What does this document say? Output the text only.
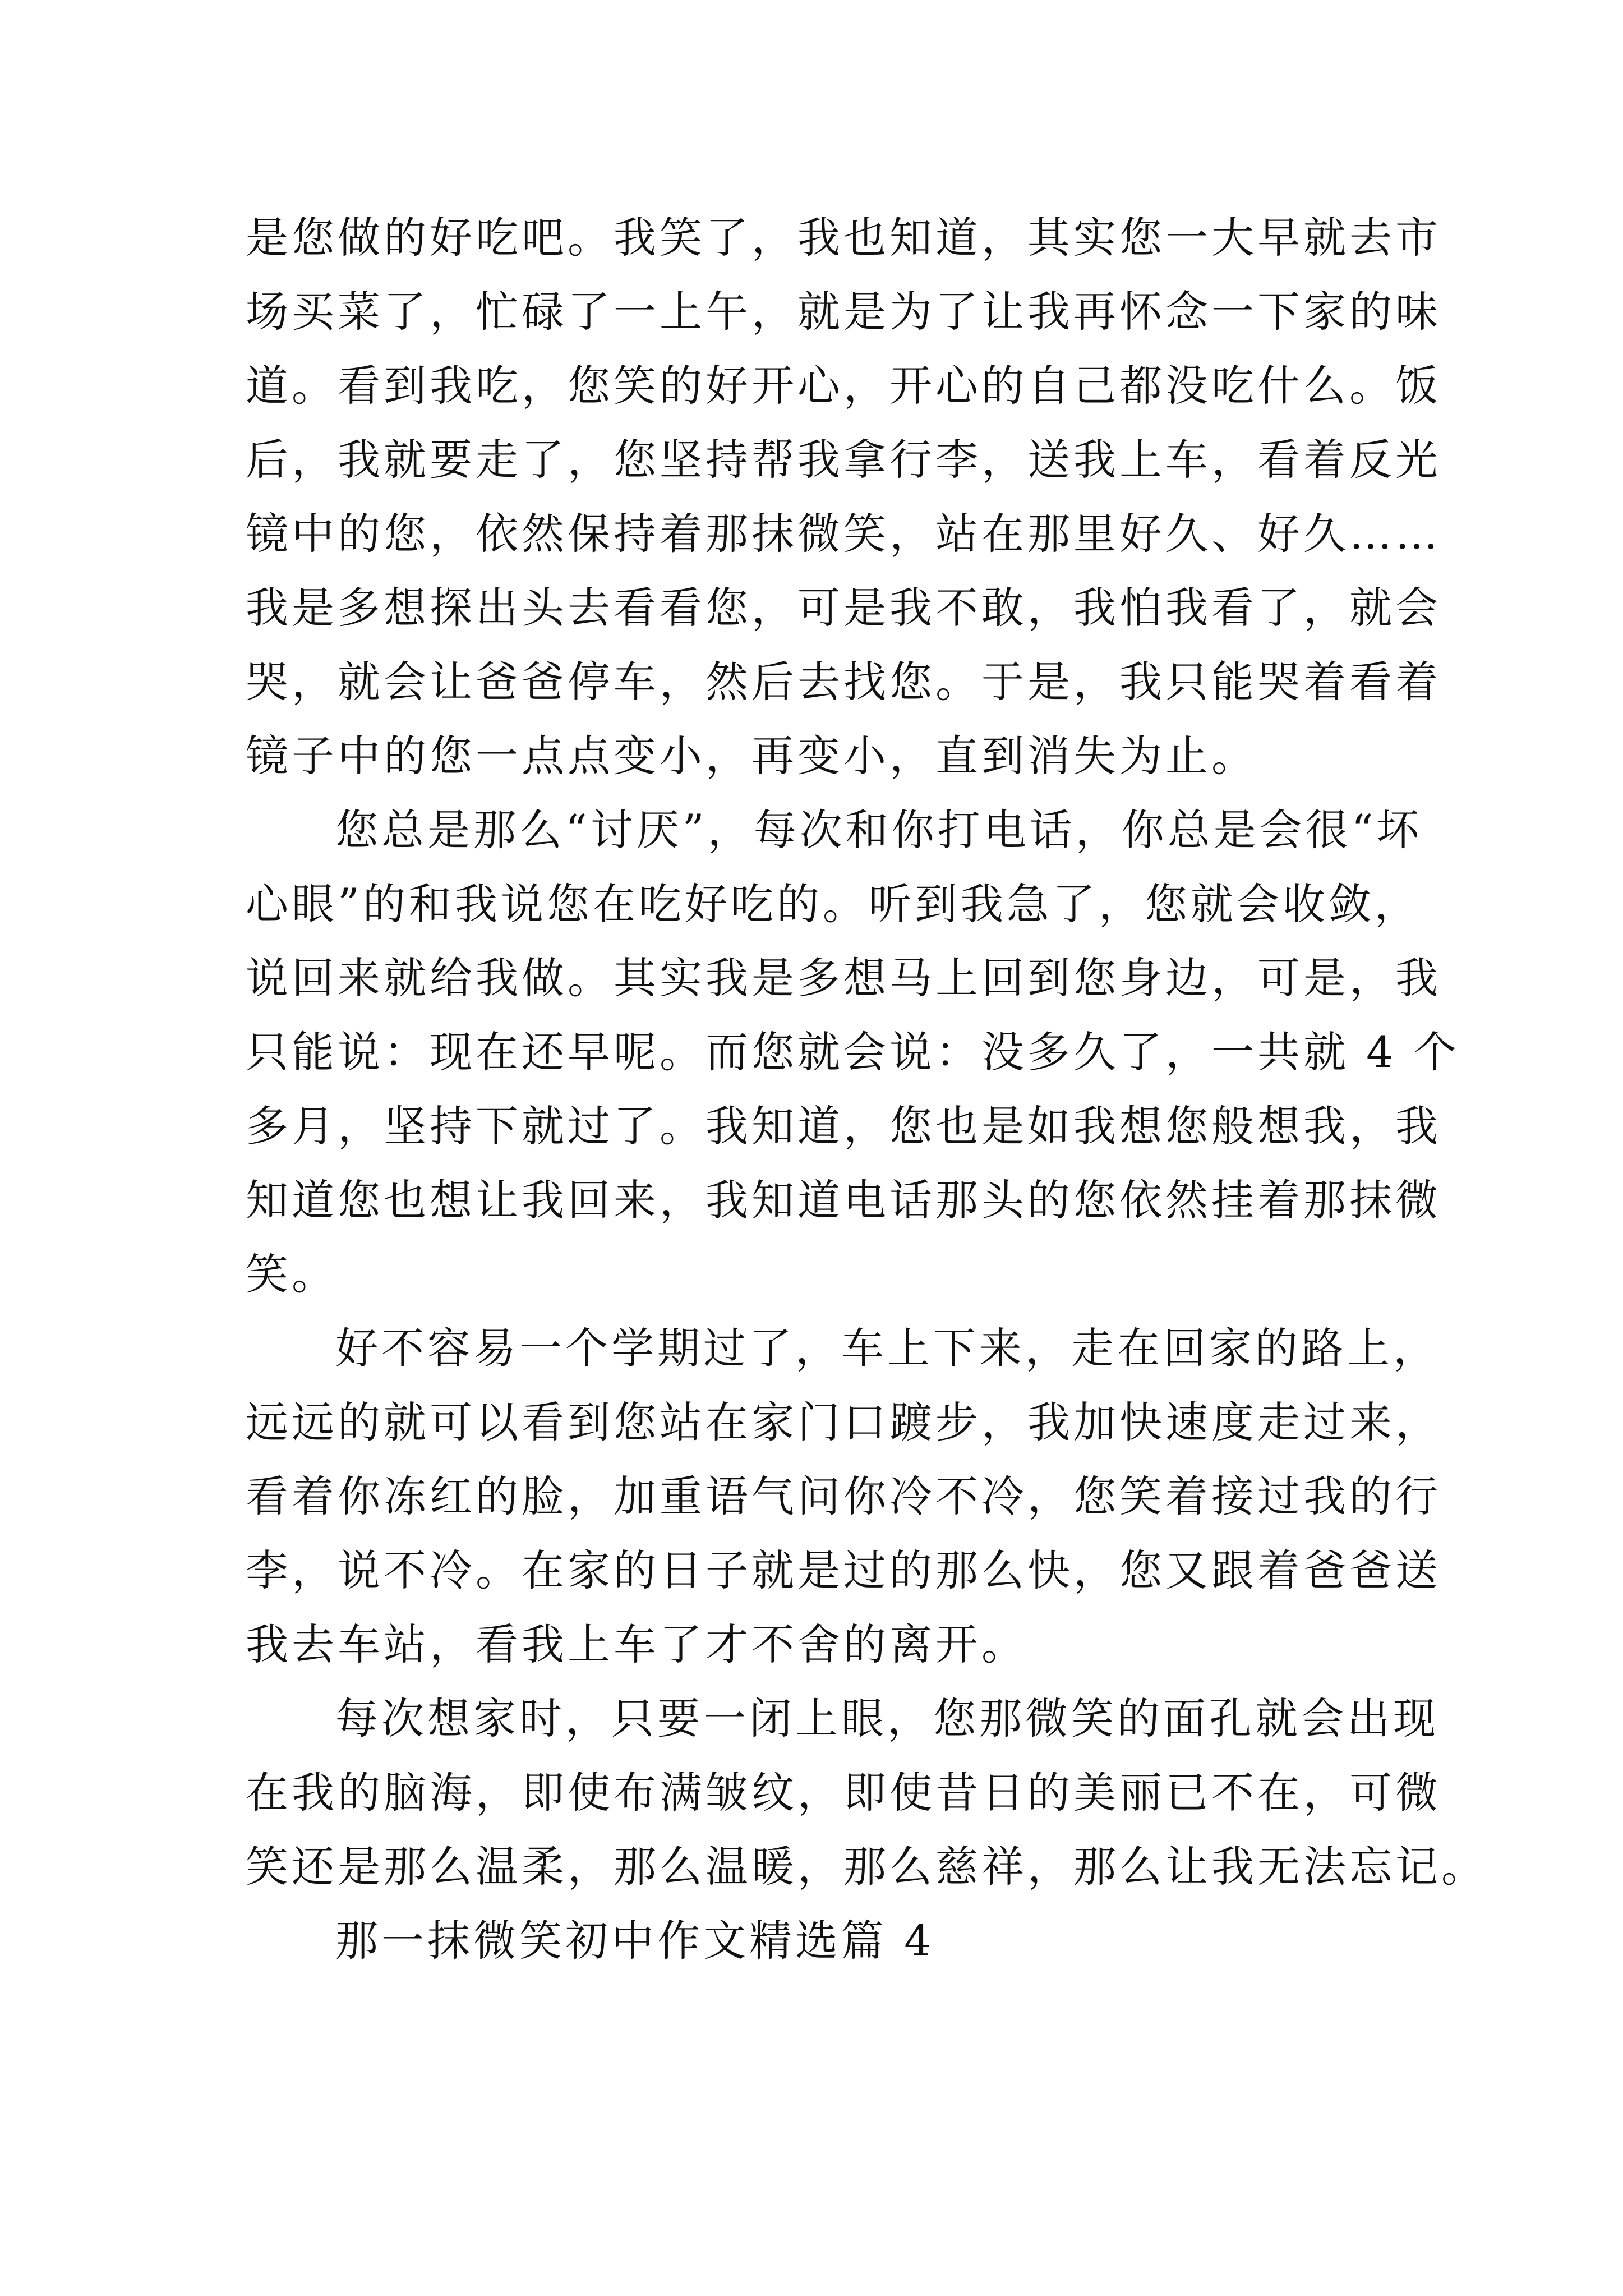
是您做的好吃吧。我笑了，我也知道，其实您一大早就去市
场买菜了，忙碌了一上午，就是为了让我再怀念一下家的味
道。看到我吃，您笑的好开心，开心的自己都没吃什么。饭
后，我就要走了，您坚持帮我拿行李，送我上车，看着反光
镜中的您，依然保持着那抹微笑，站在那里好久、好久……
我是多想探出头去看看您，可是我不敢，我怕我看了，就会
哭，就会让爸爸停车，然后去找您。于是，我只能哭着看着
镜子中的您一点点变小，再变小，直到消失为止。
您总是那么“讨厌”，每次和你打电话，你总是会很“坏
心眼”的和我说您在吃好吃的。听到我急了，您就会收敛，
说回来就给我做。其实我是多想马上回到您身边，可是，我
只能说：现在还早呢。而您就会说：没多久了，一共就 4 个
多月，坚持下就过了。我知道，您也是如我想您般想我，我
知道您也想让我回来，我知道电话那头的您依然挂着那抹微
笑。
好不容易一个学期过了，车上下来，走在回家的路上，
远远的就可以看到您站在家门口踱步，我加快速度走过来，
看着你冻红的脸，加重语气问你冷不冷，您笑着接过我的行
李，说不冷。在家的日子就是过的那么快，您又跟着爸爸送
我去车站，看我上车了才不舍的离开。
每次想家时，只要一闭上眼，您那微笑的面孔就会出现
在我的脑海，即使布满皱纹，即使昔日的美丽已不在，可微
笑还是那么温柔，那么温暖，那么慈祥，那么让我无法忘记。
那一抹微笑初中作文精选篇 4
